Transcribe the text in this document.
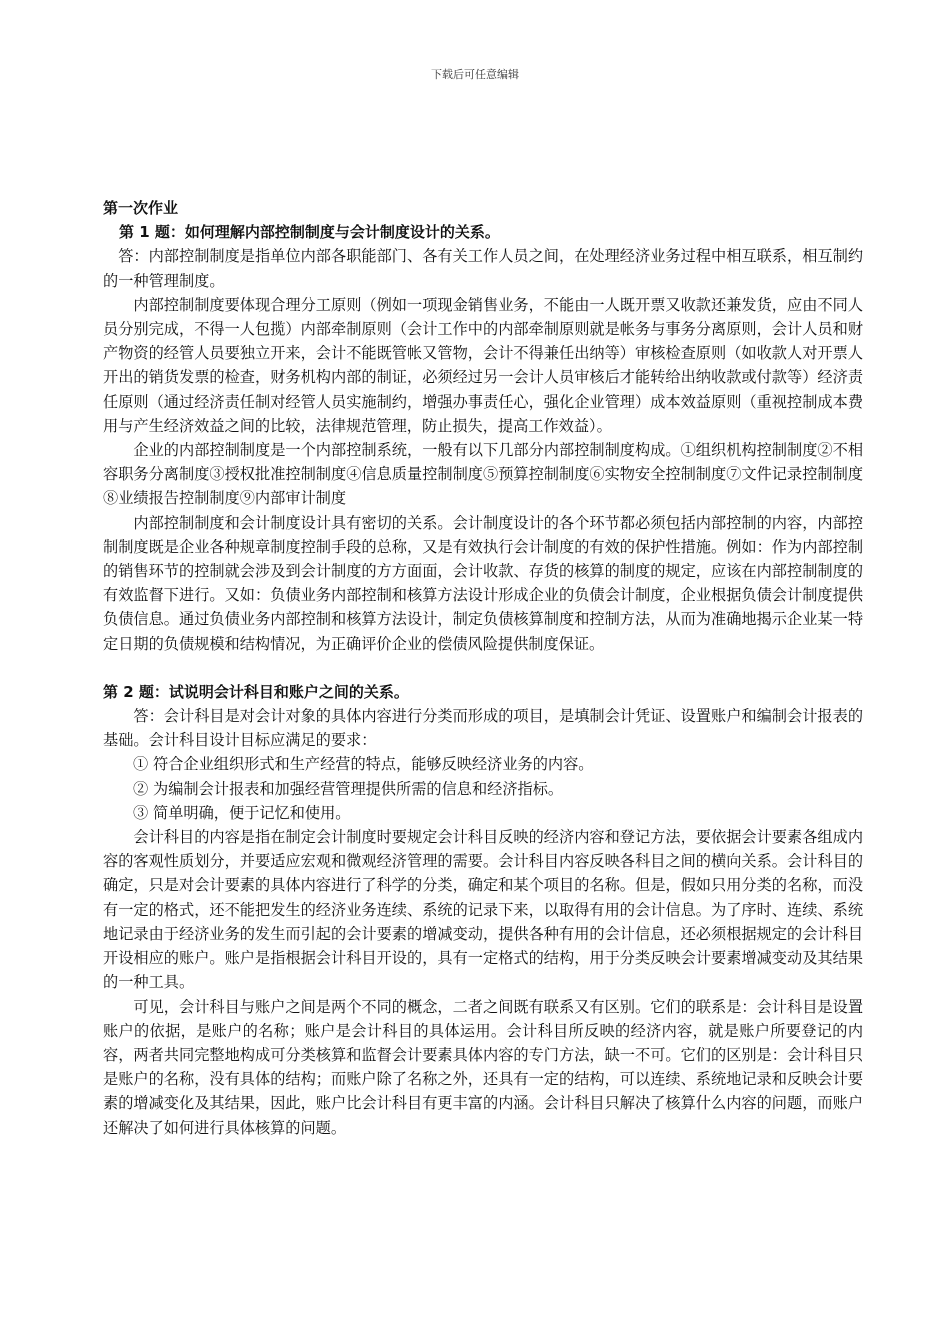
下载后可任意编辑

第一次作业

第 1 题：如何理解内部控制制度与会计制度设计的关系。

答：内部控制制度是指单位内部各职能部门、各有关工作人员之间，在处理经济业务过程中相互联系，相互制约的一种管理制度。

内部控制制度要体现合理分工原则（例如一项现金销售业务，不能由一人既开票又收款还兼发货，应由不同人员分别完成，不得一人包揽）内部牵制原则（会计工作中的内部牵制原则就是帐务与事务分离原则，会计人员和财产物资的经管人员要独立开来，会计不能既管帐又管物，会计不得兼任出纳等）审核检查原则（如收款人对开票人开出的销货发票的检查，财务机构内部的制证，必须经过另一会计人员审核后才能转给出纳收款或付款等）经济责任原则（通过经济责任制对经管人员实施制约，增强办事责任心，强化企业管理）成本效益原则（重视控制成本费用与产生经济效益之间的比较，法律规范管理，防止损失，提高工作效益）。

企业的内部控制制度是一个内部控制系统，一般有以下几部分内部控制制度构成。①组织机构控制制度②不相容职务分离制度③授权批准控制制度④信息质量控制制度⑤预算控制制度⑥实物安全控制制度⑦文件记录控制制度⑧业绩报告控制制度⑨内部审计制度

内部控制制度和会计制度设计具有密切的关系。会计制度设计的各个环节都必须包括内部控制的内容，内部控制制度既是企业各种规章制度控制手段的总称，又是有效执行会计制度的有效的保护性措施。例如：作为内部控制的销售环节的控制就会涉及到会计制度的方方面面，会计收款、存货的核算的制度的规定，应该在内部控制制度的有效监督下进行。又如：负债业务内部控制和核算方法设计形成企业的负债会计制度，企业根据负债会计制度提供负债信息。通过负债业务内部控制和核算方法设计，制定负债核算制度和控制方法，从而为准确地揭示企业某一特定日期的负债规模和结构情况，为正确评价企业的偿债风险提供制度保证。

第 2 题：试说明会计科目和账户之间的关系。

答：会计科目是对会计对象的具体内容进行分类而形成的项目，是填制会计凭证、设置账户和编制会计报表的基础。会计科目设计目标应满足的要求：

① 符合企业组织形式和生产经营的特点，能够反映经济业务的内容。

② 为编制会计报表和加强经营管理提供所需的信息和经济指标。

③ 简单明确，便于记忆和使用。

会计科目的内容是指在制定会计制度时要规定会计科目反映的经济内容和登记方法，要依据会计要素各组成内容的客观性质划分，并要适应宏观和微观经济管理的需要。会计科目内容反映各科目之间的横向关系。会计科目的确定，只是对会计要素的具体内容进行了科学的分类，确定和某个项目的名称。但是，假如只用分类的名称，而没有一定的格式，还不能把发生的经济业务连续、系统的记录下来，以取得有用的会计信息。为了序时、连续、系统地记录由于经济业务的发生而引起的会计要素的增减变动，提供各种有用的会计信息，还必须根据规定的会计科目开设相应的账户。账户是指根据会计科目开设的，具有一定格式的结构，用于分类反映会计要素增减变动及其结果的一种工具。

可见，会计科目与账户之间是两个不同的概念，二者之间既有联系又有区别。它们的联系是：会计科目是设置账户的依据，是账户的名称；账户是会计科目的具体运用。会计科目所反映的经济内容，就是账户所要登记的内容，两者共同完整地构成可分类核算和监督会计要素具体内容的专门方法，缺一不可。它们的区别是：会计科目只是账户的名称，没有具体的结构；而账户除了名称之外，还具有一定的结构，可以连续、系统地记录和反映会计要素的增减变化及其结果，因此，账户比会计科目有更丰富的内涵。会计科目只解决了核算什么内容的问题，而账户还解决了如何进行具体核算的问题。
